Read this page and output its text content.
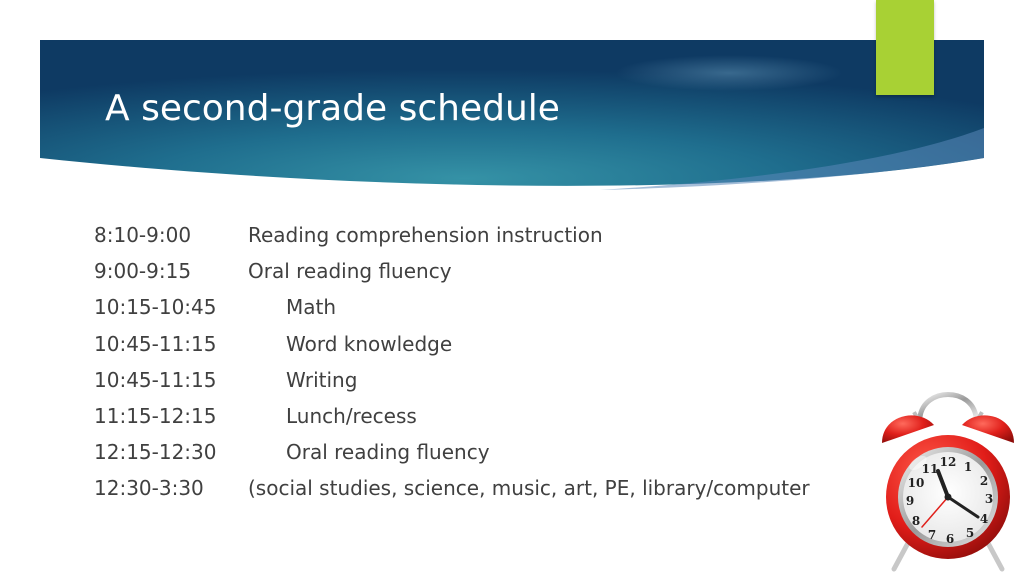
A second-grade schedule
8:10-9:00	Reading comprehension instruction
9:00-9:15	Oral reading fluency
10:15-10:45	Math
10:45-11:15	Word knowledge
10:45-11:15	Writing
11:15-12:15	Lunch/recess
12:15-12:30	Oral reading fluency
12:30-3:30 (social studies, science, music, art, PE, library/computer
12 1
2
3
4
5
6
7
8
9
10
11
